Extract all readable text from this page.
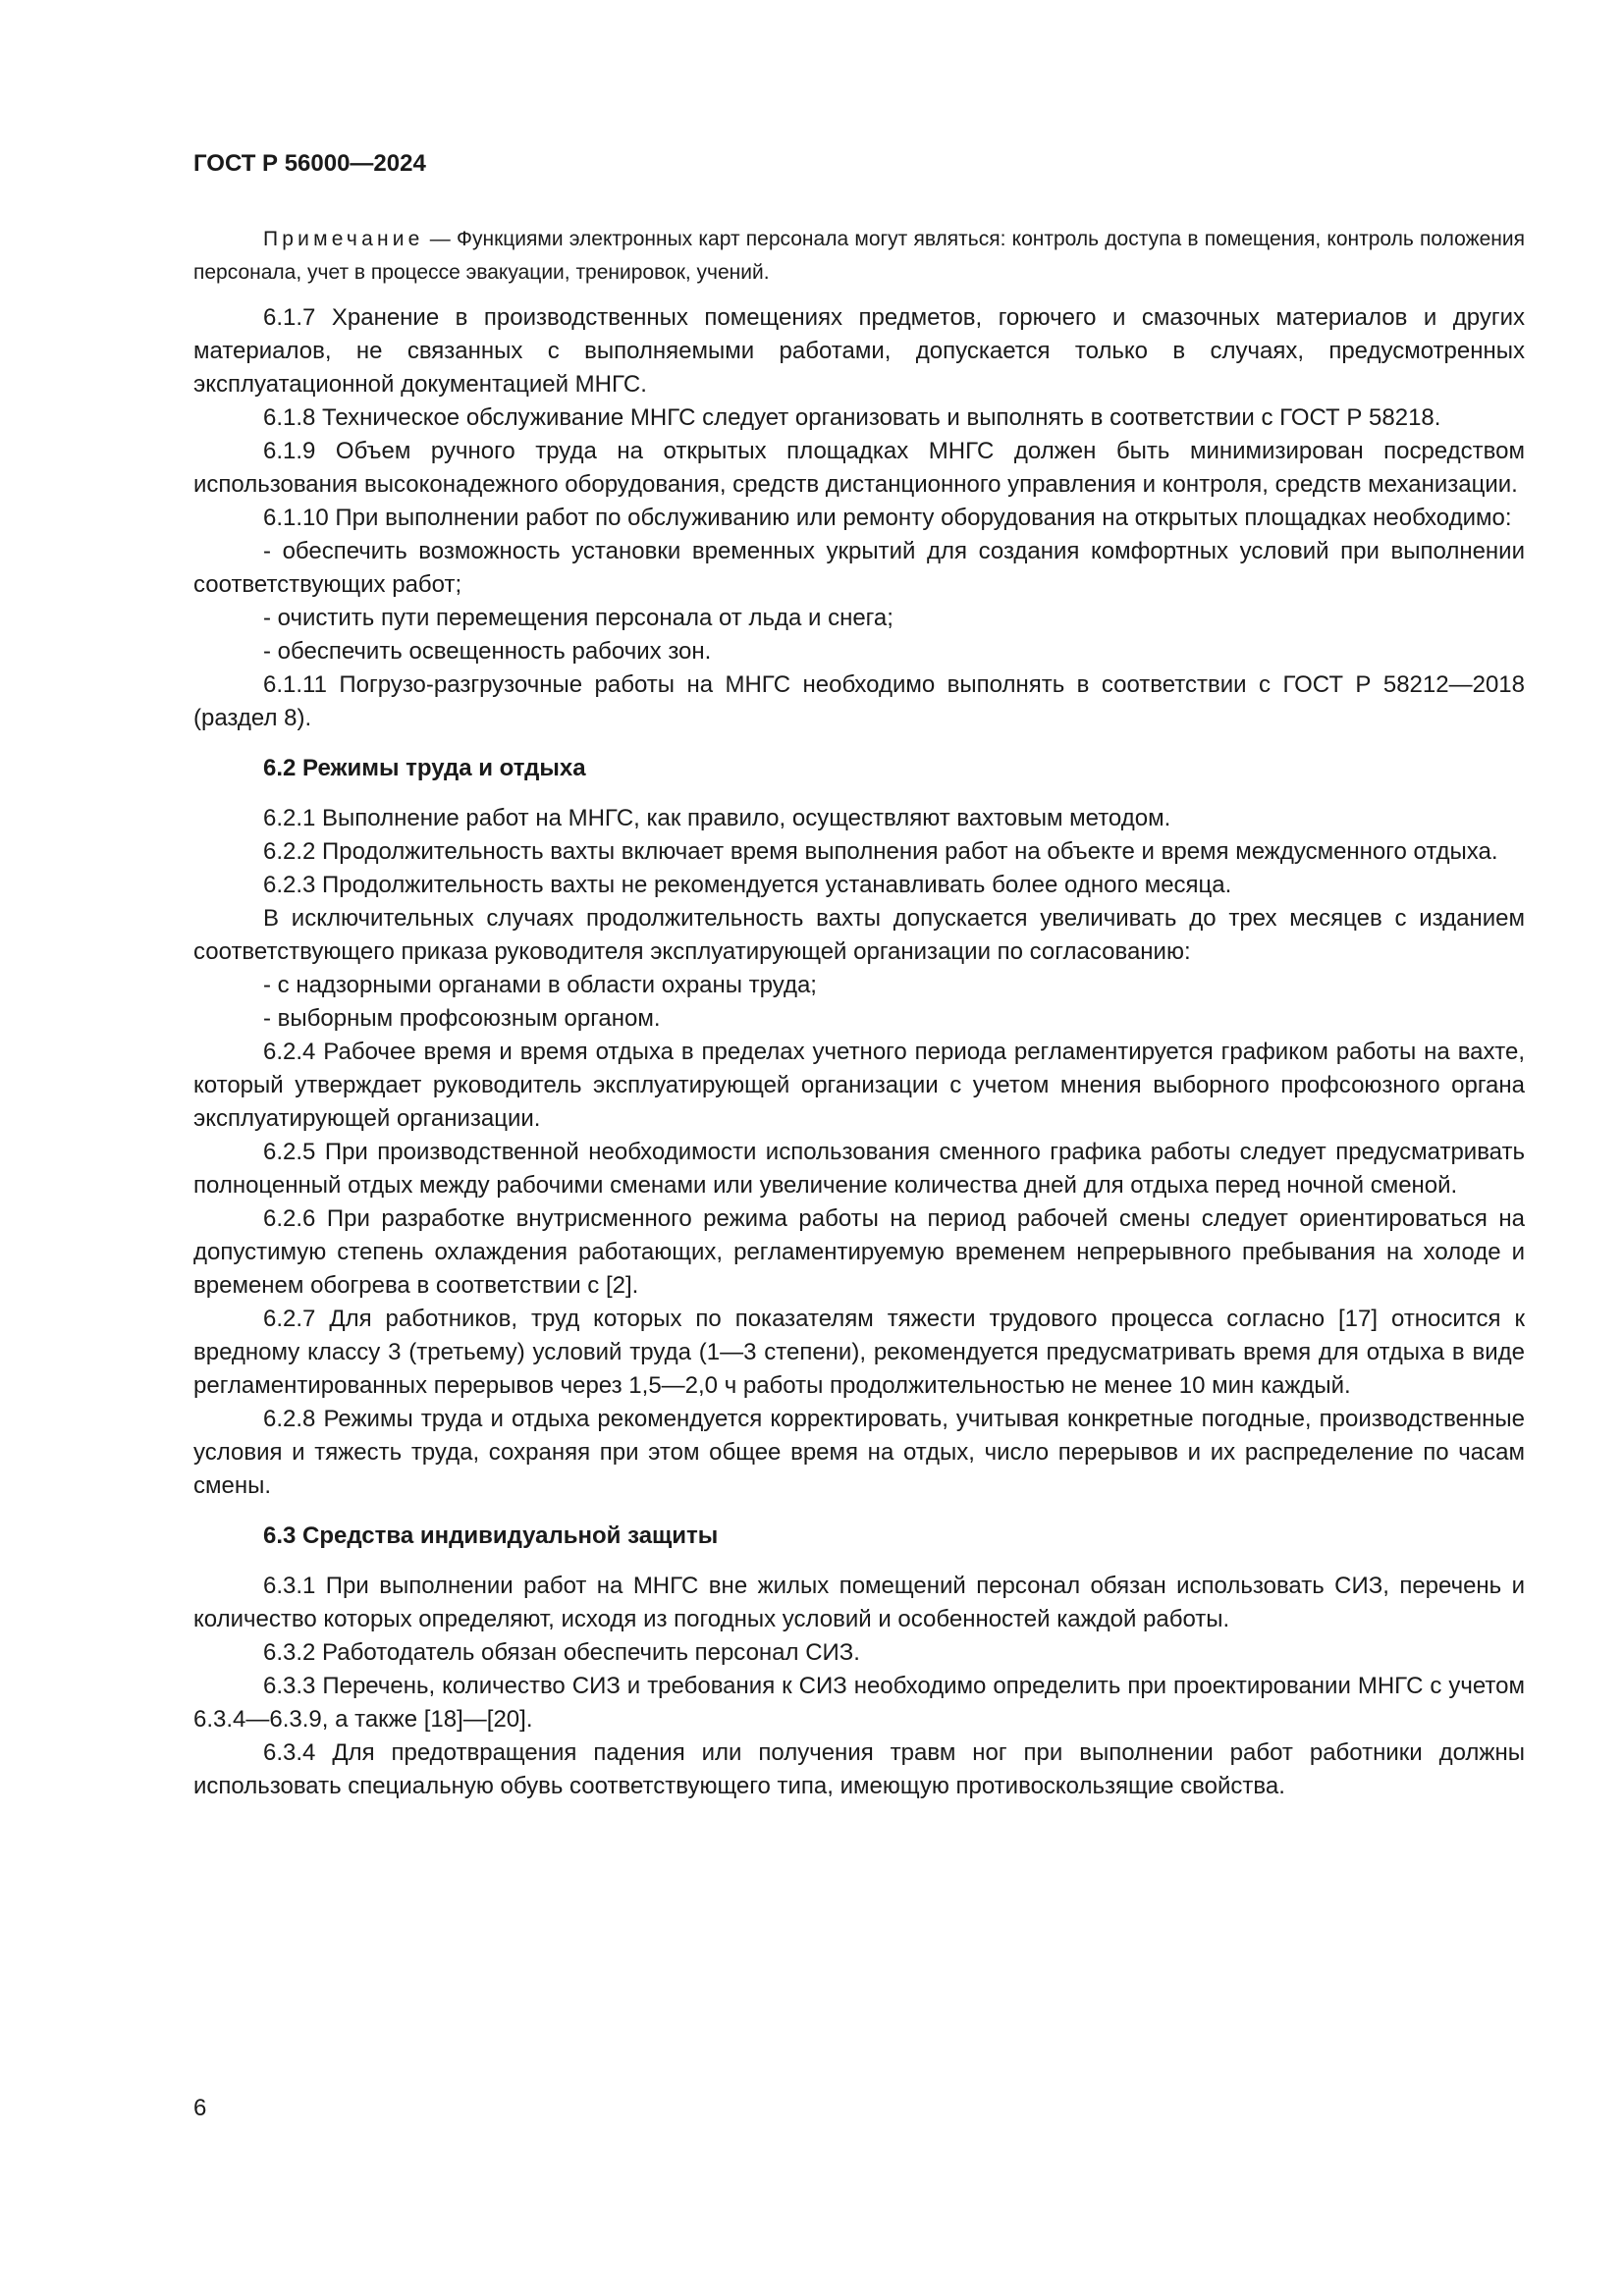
ГОСТ Р 56000—2024

Примечание — Функциями электронных карт персонала могут являться: контроль доступа в помещения, контроль положения персонала, учет в процессе эвакуации, тренировок, учений.

6.1.7 Хранение в производственных помещениях предметов, горючего и смазочных материалов и других материалов, не связанных с выполняемыми работами, допускается только в случаях, предусмотренных эксплуатационной документацией МНГС.

6.1.8 Техническое обслуживание МНГС следует организовать и выполнять в соответствии с ГОСТ Р 58218.

6.1.9 Объем ручного труда на открытых площадках МНГС должен быть минимизирован посредством использования высоконадежного оборудования, средств дистанционного управления и контроля, средств механизации.

6.1.10 При выполнении работ по обслуживанию или ремонту оборудования на открытых площадках необходимо:

- обеспечить возможность установки временных укрытий для создания комфортных условий при выполнении соответствующих работ;

- очистить пути перемещения персонала от льда и снега;

- обеспечить освещенность рабочих зон.

6.1.11 Погрузо-разгрузочные работы на МНГС необходимо выполнять в соответствии с ГОСТ Р 58212—2018 (раздел 8).

6.2 Режимы труда и отдыха

6.2.1 Выполнение работ на МНГС, как правило, осуществляют вахтовым методом.

6.2.2 Продолжительность вахты включает время выполнения работ на объекте и время междусменного отдыха.

6.2.3 Продолжительность вахты не рекомендуется устанавливать более одного месяца.

В исключительных случаях продолжительность вахты допускается увеличивать до трех месяцев с изданием соответствующего приказа руководителя эксплуатирующей организации по согласованию:

- с надзорными органами в области охраны труда;

- выборным профсоюзным органом.

6.2.4 Рабочее время и время отдыха в пределах учетного периода регламентируется графиком работы на вахте, который утверждает руководитель эксплуатирующей организации с учетом мнения выборного профсоюзного органа эксплуатирующей организации.

6.2.5 При производственной необходимости использования сменного графика работы следует предусматривать полноценный отдых между рабочими сменами или увеличение количества дней для отдыха перед ночной сменой.

6.2.6 При разработке внутрисменного режима работы на период рабочей смены следует ориентироваться на допустимую степень охлаждения работающих, регламентируемую временем непрерывного пребывания на холоде и временем обогрева в соответствии с [2].

6.2.7 Для работников, труд которых по показателям тяжести трудового процесса согласно [17] относится к вредному классу 3 (третьему) условий труда (1—3 степени), рекомендуется предусматривать время для отдыха в виде регламентированных перерывов через 1,5—2,0 ч работы продолжительностью не менее 10 мин каждый.

6.2.8 Режимы труда и отдыха рекомендуется корректировать, учитывая конкретные погодные, производственные условия и тяжесть труда, сохраняя при этом общее время на отдых, число перерывов и их распределение по часам смены.

6.3 Средства индивидуальной защиты

6.3.1 При выполнении работ на МНГС вне жилых помещений персонал обязан использовать СИЗ, перечень и количество которых определяют, исходя из погодных условий и особенностей каждой работы.

6.3.2 Работодатель обязан обеспечить персонал СИЗ.

6.3.3 Перечень, количество СИЗ и требования к СИЗ необходимо определить при проектировании МНГС с учетом 6.3.4—6.3.9, а также [18]—[20].

6.3.4 Для предотвращения падения или получения травм ног при выполнении работ работники должны использовать специальную обувь соответствующего типа, имеющую противоскользящие свойства.

6
